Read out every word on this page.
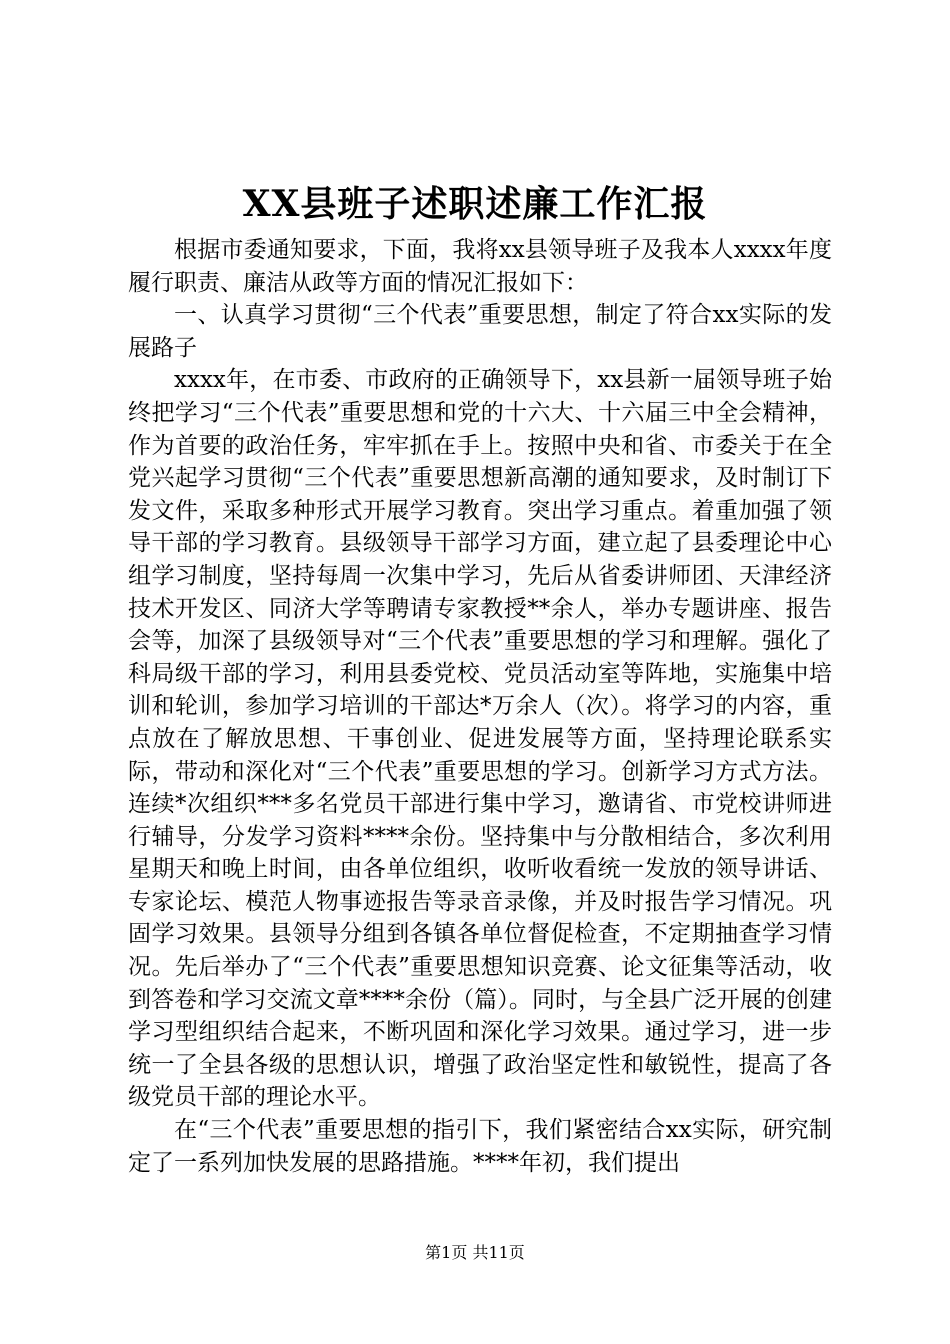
XX县班子述职述廉工作汇报

根据市委通知要求，下面，我将xx县领导班子及我本人xxxx年度履行职责、廉洁从政等方面的情况汇报如下：

一、认真学习贯彻“三个代表”重要思想，制定了符合xx实际的发展路子

xxxx年，在市委、市政府的正确领导下，xx县新一届领导班子始终把学习“三个代表”重要思想和党的十六大、十六届三中全会精神，作为首要的政治任务，牢牢抓在手上。按照中央和省、市委关于在全党兴起学习贯彻“三个代表”重要思想新高潮的通知要求，及时制订下发文件，采取多种形式开展学习教育。突出学习重点。着重加强了领导干部的学习教育。县级领导干部学习方面，建立起了县委理论中心组学习制度，坚持每周一次集中学习，先后从省委讲师团、天津经济技术开发区、同济大学等聘请专家教授**余人，举办专题讲座、报告会等，加深了县级领导对“三个代表”重要思想的学习和理解。强化了科局级干部的学习，利用县委党校、党员活动室等阵地，实施集中培训和轮训，参加学习培训的干部达*万余人（次）。将学习的内容，重点放在了解放思想、干事创业、促进发展等方面，坚持理论联系实际，带动和深化对“三个代表”重要思想的学习。创新学习方式方法。连续*次组织***多名党员干部进行集中学习，邀请省、市党校讲师进行辅导，分发学习资料****余份。坚持集中与分散相结合，多次利用星期天和晚上时间，由各单位组织，收听收看统一发放的领导讲话、专家论坛、模范人物事迹报告等录音录像，并及时报告学习情况。巩固学习效果。县领导分组到各镇各单位督促检查，不定期抽查学习情况。先后举办了“三个代表”重要思想知识竞赛、论文征集等活动，收到答卷和学习交流文章****余份（篇）。同时，与全县广泛开展的创建学习型组织结合起来，不断巩固和深化学习效果。通过学习，进一步统一了全县各级的思想认识，增强了政治坚定性和敏锐性，提高了各级党员干部的理论水平。

在“三个代表”重要思想的指引下，我们紧密结合xx实际，研究制定了一系列加快发展的思路措施。****年初，我们提出

第1页 共11页
